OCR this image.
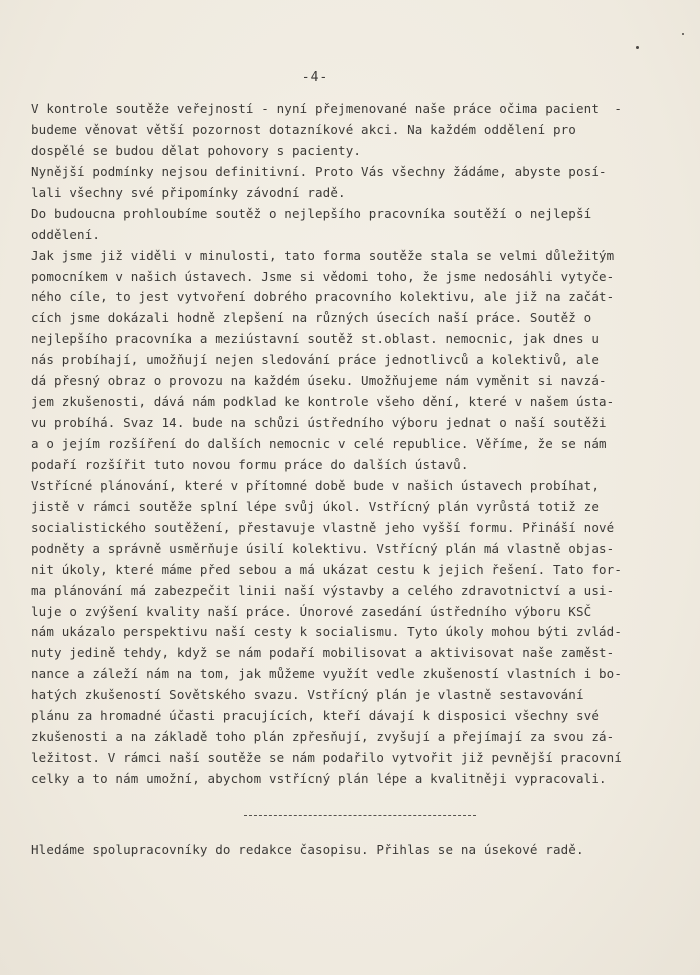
-4-
V kontrole soutěže veřejností - nyní přejmenované naše práce očima pacient  -
budeme věnovat větší pozornost dotazníkové akci. Na každém oddělení pro
dospělé se budou dělat pohovory s pacienty.
Nynější podmínky nejsou definitivní. Proto Vás všechny žádáme, abyste posí-
lali všechny své připomínky závodní radě.
Do budoucna prohloubíme soutěž o nejlepšího pracovníka soutěží o nejlepší
oddělení.
Jak jsme již viděli v minulosti, tato forma soutěže stala se velmi důležitým
pomocníkem v našich ústavech. Jsme si vědomi toho, že jsme nedosáhli vytyče-
ného cíle, to jest vytvoření dobrého pracovního kolektivu, ale již na začát-
cích jsme dokázali hodně zlepšení na různých úsecích naší práce. Soutěž o
nejlepšího pracovníka a meziústavní soutěž st.oblast. nemocnic, jak dnes u
nás probíhají, umožňují nejen sledování práce jednotlivců a kolektivů, ale
dá přesný obraz o provozu na každém úseku. Umožňujeme nám vyměnit si navzá-
jem zkušenosti, dává nám podklad ke kontrole všeho dění, které v našem ústa-
vu probíhá. Svaz 14. bude na schůzi ústředního výboru jednat o naší soutěži
a o jejím rozšíření do dalších nemocnic v celé republice. Věříme, že se nám
podaří rozšířit tuto novou formu práce do dalších ústavů.
Vstřícné plánování, které v přítomné době bude v našich ústavech probíhat,
jistě v rámci soutěže splní lépe svůj úkol. Vstřícný plán vyrůstá totiž ze
socialistického soutěžení, přestavuje vlastně jeho vyšší formu. Přináší nové
podněty a správně usměrňuje úsilí kolektivu. Vstřícný plán má vlastně objas-
nit úkoly, které máme před sebou a má ukázat cestu k jejich řešení. Tato for-
ma plánování má zabezpečit linii naší výstavby a celého zdravotnictví a usi-
luje o zvýšení kvality naší práce. Únorové zasedání ústředního výboru KSČ
nám ukázalo perspektivu naší cesty k socialismu. Tyto úkoly mohou býti zvlád-
nuty jedině tehdy, když se nám podaří mobilisovat a aktivisovat naše zaměst-
nance a záleží nám na tom, jak můžeme využít vedle zkušeností vlastních i bo-
hatých zkušeností Sovětského svazu. Vstřícný plán je vlastně sestavování
plánu za hromadné účasti pracujících, kteří dávají k disposici všechny své
zkušenosti a na základě toho plán zpřesňují, zvyšují a přejímají za svou zá-
ležitost. V rámci naší soutěže se nám podařilo vytvořit již pevnější pracovní
celky a to nám umožní, abychom vstřícný plán lépe a kvalitněji vypracovali.
Hledáme spolupracovníky do redakce časopisu. Přihlas se na úsekové radě.
